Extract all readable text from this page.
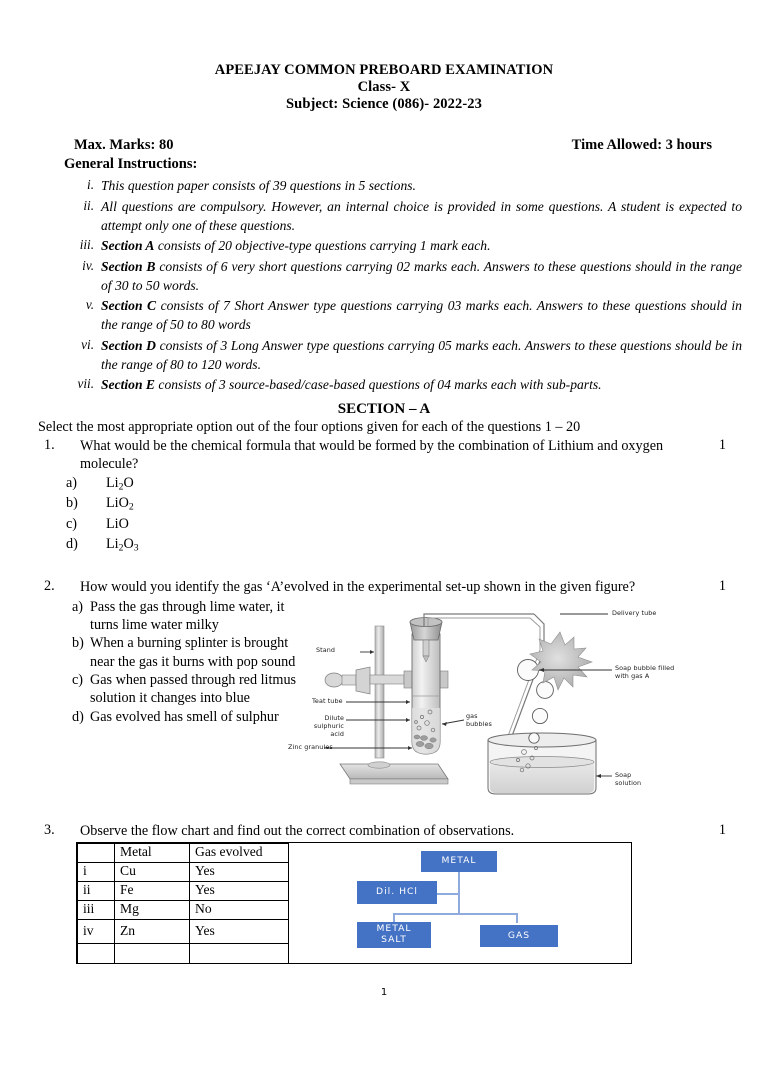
APEEJAY COMMON PREBOARD EXAMINATION
Class- X
Subject: Science (086)- 2022-23
Max. Marks: 80	Time Allowed: 3 hours
General Instructions:
i. This question paper consists of 39 questions in 5 sections.
ii. All questions are compulsory. However, an internal choice is provided in some questions. A student is expected to attempt only one of these questions.
iii. Section A consists of 20 objective-type questions carrying 1 mark each.
iv. Section B consists of 6 very short questions carrying 02 marks each. Answers to these questions should in the range of 30 to 50 words.
v. Section C consists of 7 Short Answer type questions carrying 03 marks each. Answers to these questions should in the range of 50 to 80 words
vi. Section D consists of 3 Long Answer type questions carrying 05 marks each. Answers to these questions should be in the range of 80 to 120 words.
vii. Section E consists of 3 source-based/case-based questions of 04 marks each with sub-parts.
SECTION – A
Select the most appropriate option out of the four options given for each of the questions 1 – 20
1.	1
What would be the chemical formula that would be formed by the combination of Lithium and oxygen molecule?
a)	$Li_2O$
b)	LiO$_2$
c)	LiO
d)	$Li_2O_3$
2.	1
How would you identify the gas ‘A’evolved in the experimental set-up shown in the given figure?
a) Pass the gas through lime water, it turns lime water milky
b) When a burning splinter is brought near the gas it burns with pop sound
c) Gas when passed through red litmus solution it changes into blue
d) Gas evolved has smell of sulphur
Stand
Teat tube
Dilute
sulphuric
acid
Zinc granules
gas
bubbles
Delivery tube
Soap bubble filled
with gas A
Soap
solution
3.	1
Observe the flow chart and find out the correct combination of observations.
	Metal	Gas evolved
i	Cu	Yes
ii	Fe	Yes
iii	Mg	No
iv	Zn	Yes

METAL
Dil. HCl
METAL
SALT	GAS
1
